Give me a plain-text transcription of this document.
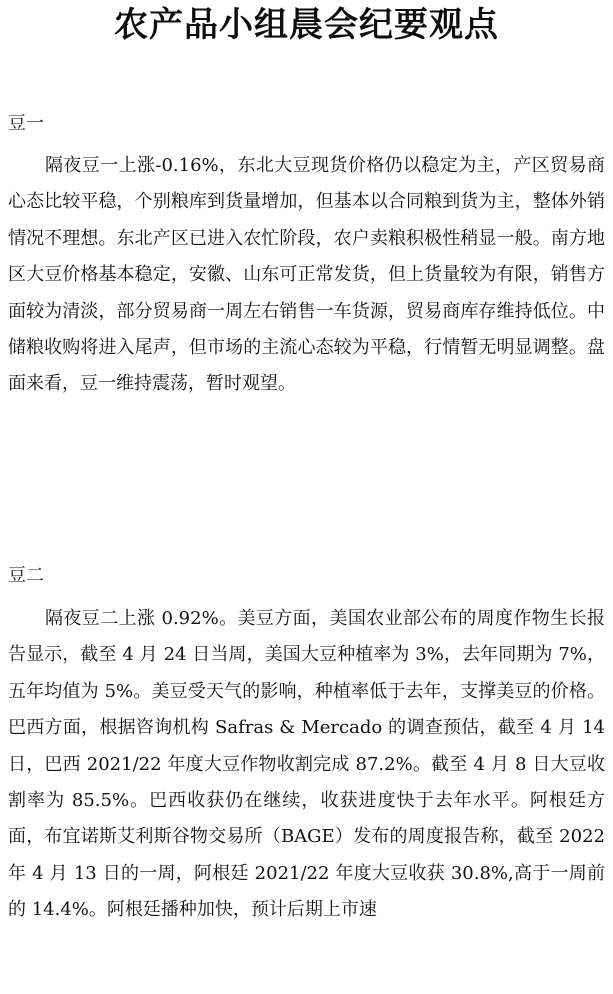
农产品小组晨会纪要观点
豆一

隔夜豆一上涨-0.16%，东北大豆现货价格仍以稳定为主，产区贸易商心态比较平稳，个别粮库到货量增加，但基本以合同粮到货为主，整体外销情况不理想。东北产区已进入农忙阶段，农户卖粮积极性稍显一般。南方地区大豆价格基本稳定，安徽、山东可正常发货，但上货量较为有限，销售方面较为清淡，部分贸易商一周左右销售一车货源，贸易商库存维持低位。中储粮收购将进入尾声，但市场的主流心态较为平稳，行情暂无明显调整。盘面来看，豆一维持震荡，暂时观望。

豆二

隔夜豆二上涨 0.92%。美豆方面，美国农业部公布的周度作物生长报告显示，截至 4 月 24 日当周，美国大豆种植率为 3%，去年同期为 7%，五年均值为 5%。美豆受天气的影响，种植率低于去年，支撑美豆的价格。巴西方面，根据咨询机构 Safras & Mercado 的调查预估，截至 4 月 14 日，巴西 2021/22 年度大豆作物收割完成 87.2%。截至 4 月 8 日大豆收割率为 85.5%。巴西收获仍在继续，收获进度快于去年水平。阿根廷方面，布宜诺斯艾利斯谷物交易所（BAGE）发布的周度报告称，截至 2022 年 4 月 13 日的一周，阿根廷 2021/22 年度大豆收获 30.8%,高于一周前的 14.4%。阿根廷播种加快，预计后期上市速
